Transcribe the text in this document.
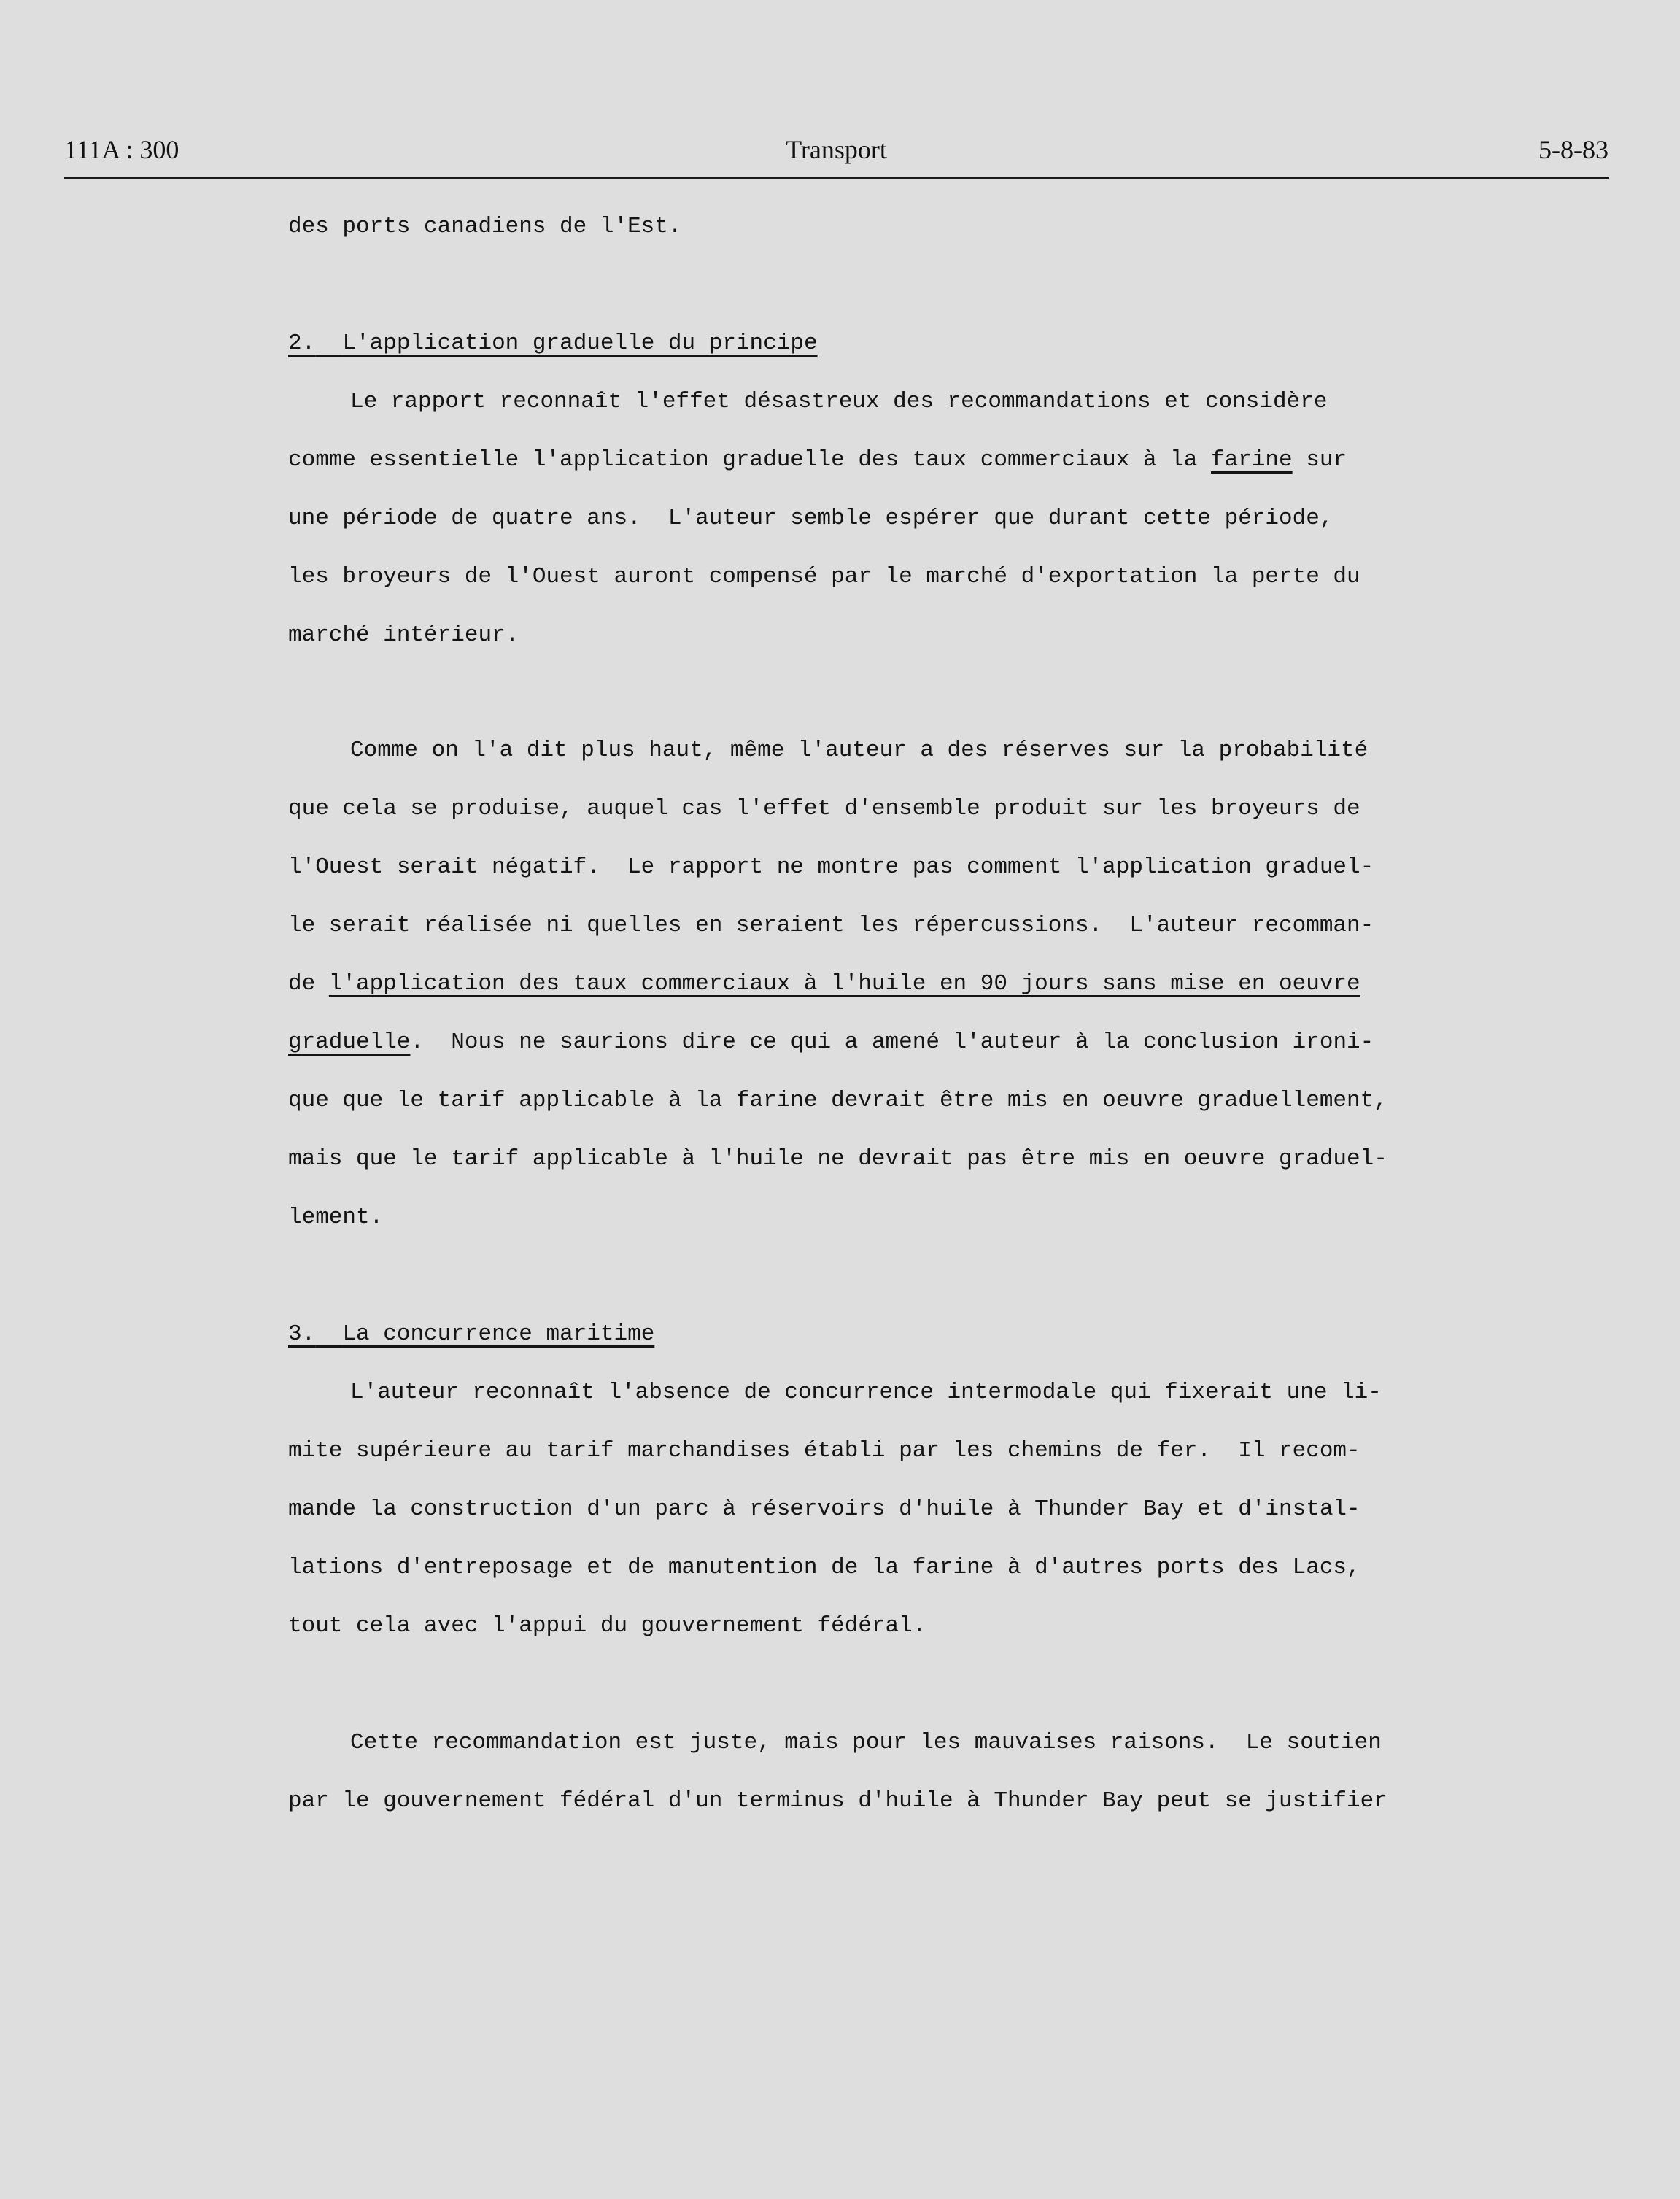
111A : 300	Transport	5-8-83
des ports canadiens de l'Est.
2. L'application graduelle du principe
Le rapport reconnaît l'effet désastreux des recommandations et considère
comme essentielle l'application graduelle des taux commerciaux à la farine sur
une période de quatre ans.  L'auteur semble espérer que durant cette période,
les broyeurs de l'Ouest auront compensé par le marché d'exportation la perte du
marché intérieur.
Comme on l'a dit plus haut, même l'auteur a des réserves sur la probabilité
que cela se produise, auquel cas l'effet d'ensemble produit sur les broyeurs de
l'Ouest serait négatif.  Le rapport ne montre pas comment l'application graduel-
le serait réalisée ni quelles en seraient les répercussions.  L'auteur recomman-
de l'application des taux commerciaux à l'huile en 90 jours sans mise en oeuvre
graduelle.  Nous ne saurions dire ce qui a amené l'auteur à la conclusion ironi-
que que le tarif applicable à la farine devrait être mis en oeuvre graduellement,
mais que le tarif applicable à l'huile ne devrait pas être mis en oeuvre graduel-
lement.
3. La concurrence maritime
L'auteur reconnaît l'absence de concurrence intermodale qui fixerait une li-
mite supérieure au tarif marchandises établi par les chemins de fer.  Il recom-
mande la construction d'un parc à réservoirs d'huile à Thunder Bay et d'instal-
lations d'entreposage et de manutention de la farine à d'autres ports des Lacs,
tout cela avec l'appui du gouvernement fédéral.
Cette recommandation est juste, mais pour les mauvaises raisons.  Le soutien
par le gouvernement fédéral d'un terminus d'huile à Thunder Bay peut se justifier
